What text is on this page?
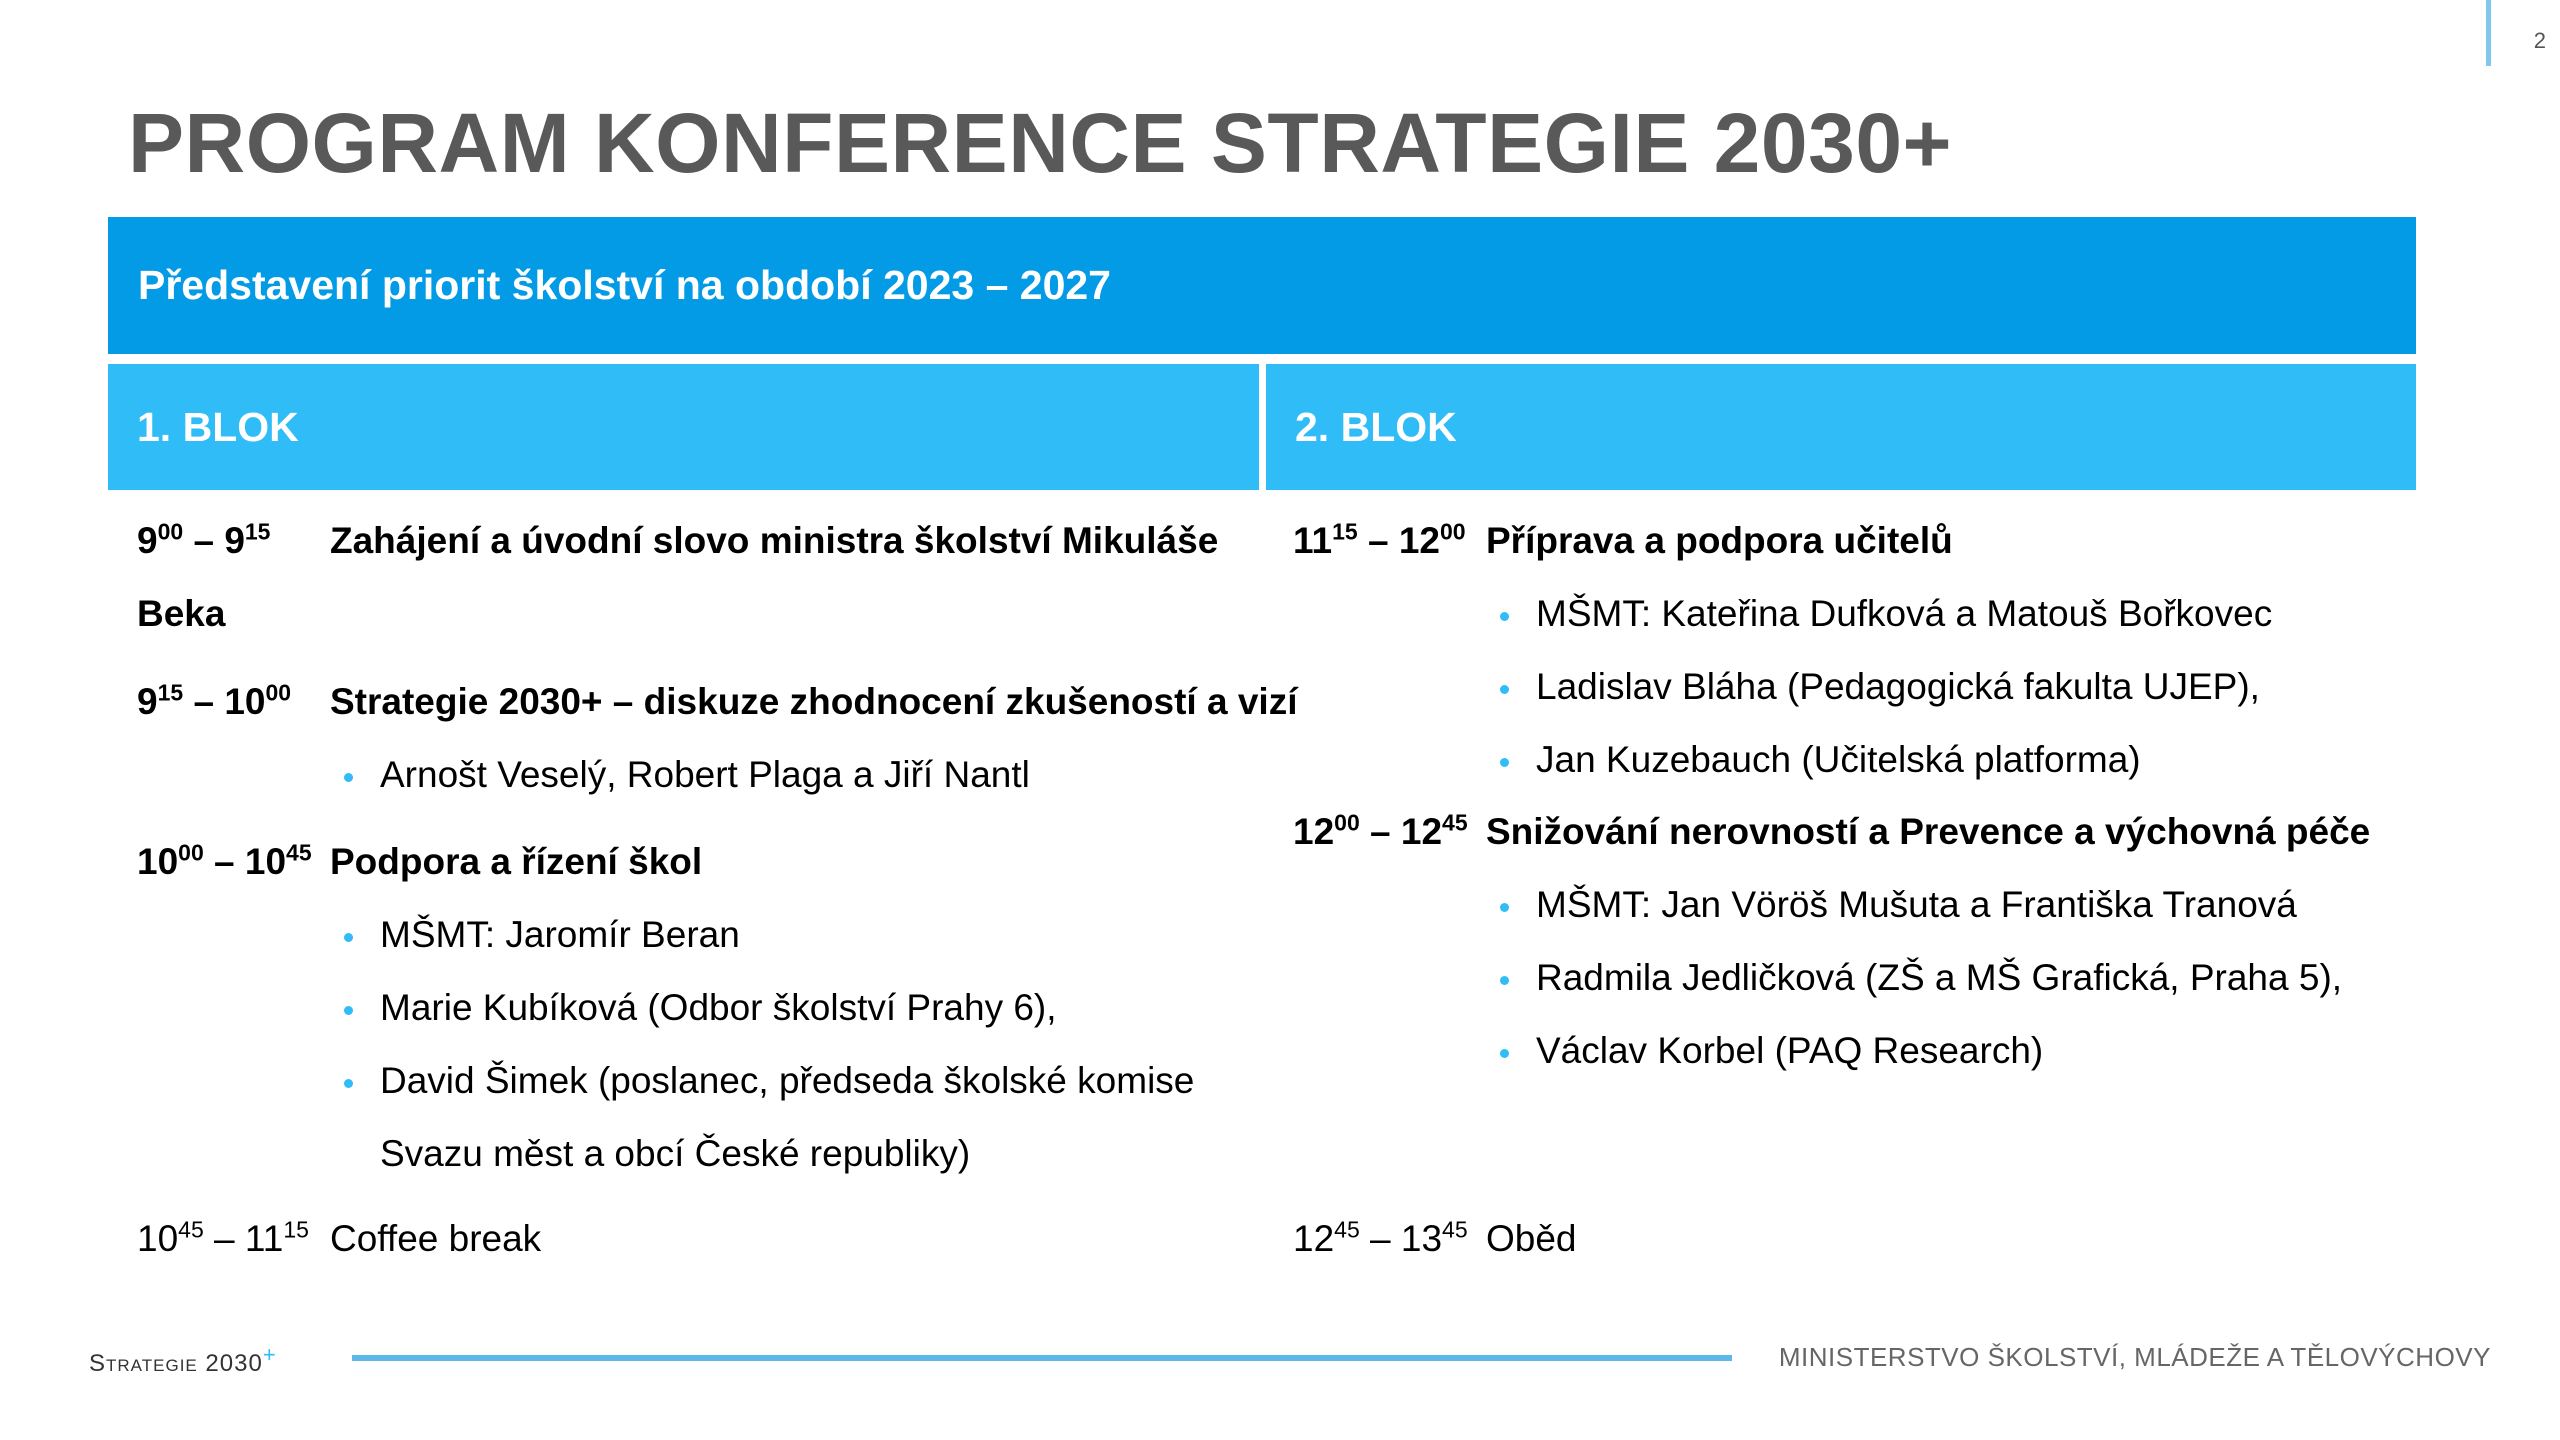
2
PROGRAM KONFERENCE STRATEGIE 2030+
Představení priorit školství na období 2023 – 2027
1. BLOK	2. BLOK
$9^{00} - 9^{15}$ Zahájení a úvodní slovo ministra školství Mikuláše
Beka
$9^{15} - 10^{00}$ Strategie 2030+ – diskuze zhodnocení zkušeností a vizí
Arnošt Veselý, Robert Plaga a Jiří Nantl
$10^{00} - 10^{45}$ Podpora a řízení škol
MŠMT: Jaromír Beran
Marie Kubíková (Odbor školství Prahy 6),
David Šimek (poslanec, předseda školské komise
Svazu měst a obcí České republiky)
$10^{45} - 11^{15}$ Coffee break
$11^{15} - 12^{00}$ Příprava a podpora učitelů
MŠMT: Kateřina Dufková a Matouš Bořkovec
Ladislav Bláha (Pedagogická fakulta UJEP),
Jan Kuzebauch (Učitelská platforma)
$12^{00} - 12^{45}$ Snižování nerovností a Prevence a výchovná péče
MŠMT: Jan Vöröš Mušuta a Františka Tranová
Radmila Jedličková (ZŠ a MŠ Grafická, Praha 5),
Václav Korbel (PAQ Research)
$12^{45} - 13^{45}$ Oběd
Strategie 2030+	MINISTERSTVO ŠKOLSTVÍ, MLÁDEŽE A TĚLOVÝCHOVY
